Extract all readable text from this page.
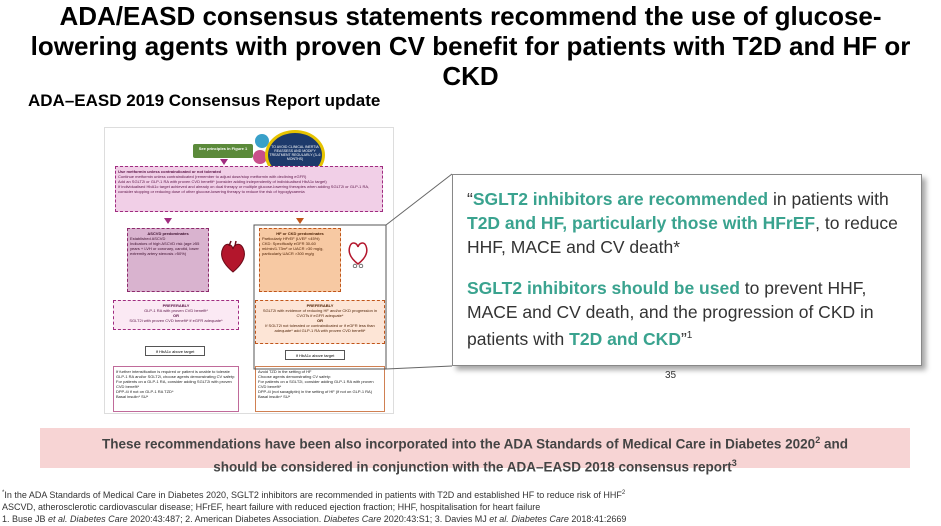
ADA/EASD consensus statements recommend the use of glucose-
lowering agents with proven CV benefit for patients with T2D and HF or
CKD
ADA–EASD 2019 Consensus Report update
TO AVOID CLINICAL INERTIA REASSESS AND MODIFY TREATMENT REGULARLY (3–6 MONTHS)
See principles in Figure 1
Use metformin unless contraindicated or not tolerated
Continue metformin unless contraindicated (remember to adjust dose/stop metformin with declining eGFR)
Add an SGLT2i or GLP-1 RA with proven CVD benefit* (consider adding independently of individualised HbA1c target)
If individualised HbA1c target achieved and already on dual therapy or multiple glucose-lowering therapies when adding SGLT2i or GLP-1 RA, consider stopping or reducing dose of other glucose-lowering therapy to reduce the risk of hypoglycaemia
ASCVD predominates
Established ASCVD
Indicators of high ASCVD risk (age ≥55 years + LVH or coronary, carotid, lower extremity artery stenosis >50%)
HF or CKD predominates
Particularly HFrEF (LVEF <45%)
CKD: Specifically eGFR 30-60 ml/min/1.73m² or UACR >30 mg/g, particularly UACR >300 mg/g
PREFERABLY
GLP-1 RA with proven CVD benefit*
OR
SGLT2i with proven CVD benefit* if eGFR adequate*
PREFERABLY
SGLT2i with evidence of reducing HF and/or CKD progression in CVOTs if eGFR adequate*
OR
If SGLT2i not tolerated or contraindicated or if eGFR less than adequate* add GLP-1 RA with proven CVD benefit*
If HbA1c above target
If HbA1c above target
If further intensification is required or patient is unable to tolerate GLP-1 RA and/or SGLT2i, choose agents demonstrating CV safety:
For patients on a GLP-1 RA, consider adding SGLT2i with proven CVD benefit*
DPP-4i if not on GLP-1 RA TZD*
Basal insulin* SU*
Avoid TZD in the setting of HF
Choose agents demonstrating CV safety:
For patients on a SGLT2i, consider adding GLP-1 RA with proven CVD benefit*
DPP-4i (not saxagliptin) in the setting of HF (if not on GLP-1 RA)
Basal insulin* SU*

“SGLT2 inhibitors are recommended in patients with T2D and HF, particularly those with HFrEF, to reduce HHF, MACE and CV death*

SGLT2 inhibitors should be used to prevent HHF, MACE and CV death, and the progression of CKD in patients with T2D and CKD”$^1$

35
These recommendations have been also incorporated into the ADA Standards of Medical Care in Diabetes 2020$^2$ and
should be considered in conjunction with the ADA–EASD 2018 consensus report$^3$
*In the ADA Standards of Medical Care in Diabetes 2020, SGLT2 inhibitors are recommended in patients with T2D and established HF to reduce risk of HHF$^2$
ASCVD, atherosclerotic cardiovascular disease; HFrEF, heart failure with reduced ejection fraction; HHF, hospitalisation for heart failure
1. Buse JB et al. Diabetes Care 2020:43:487; 2. American Diabetes Association. Diabetes Care 2020:43:S1; 3. Davies MJ et al. Diabetes Care 2018:41:2669
